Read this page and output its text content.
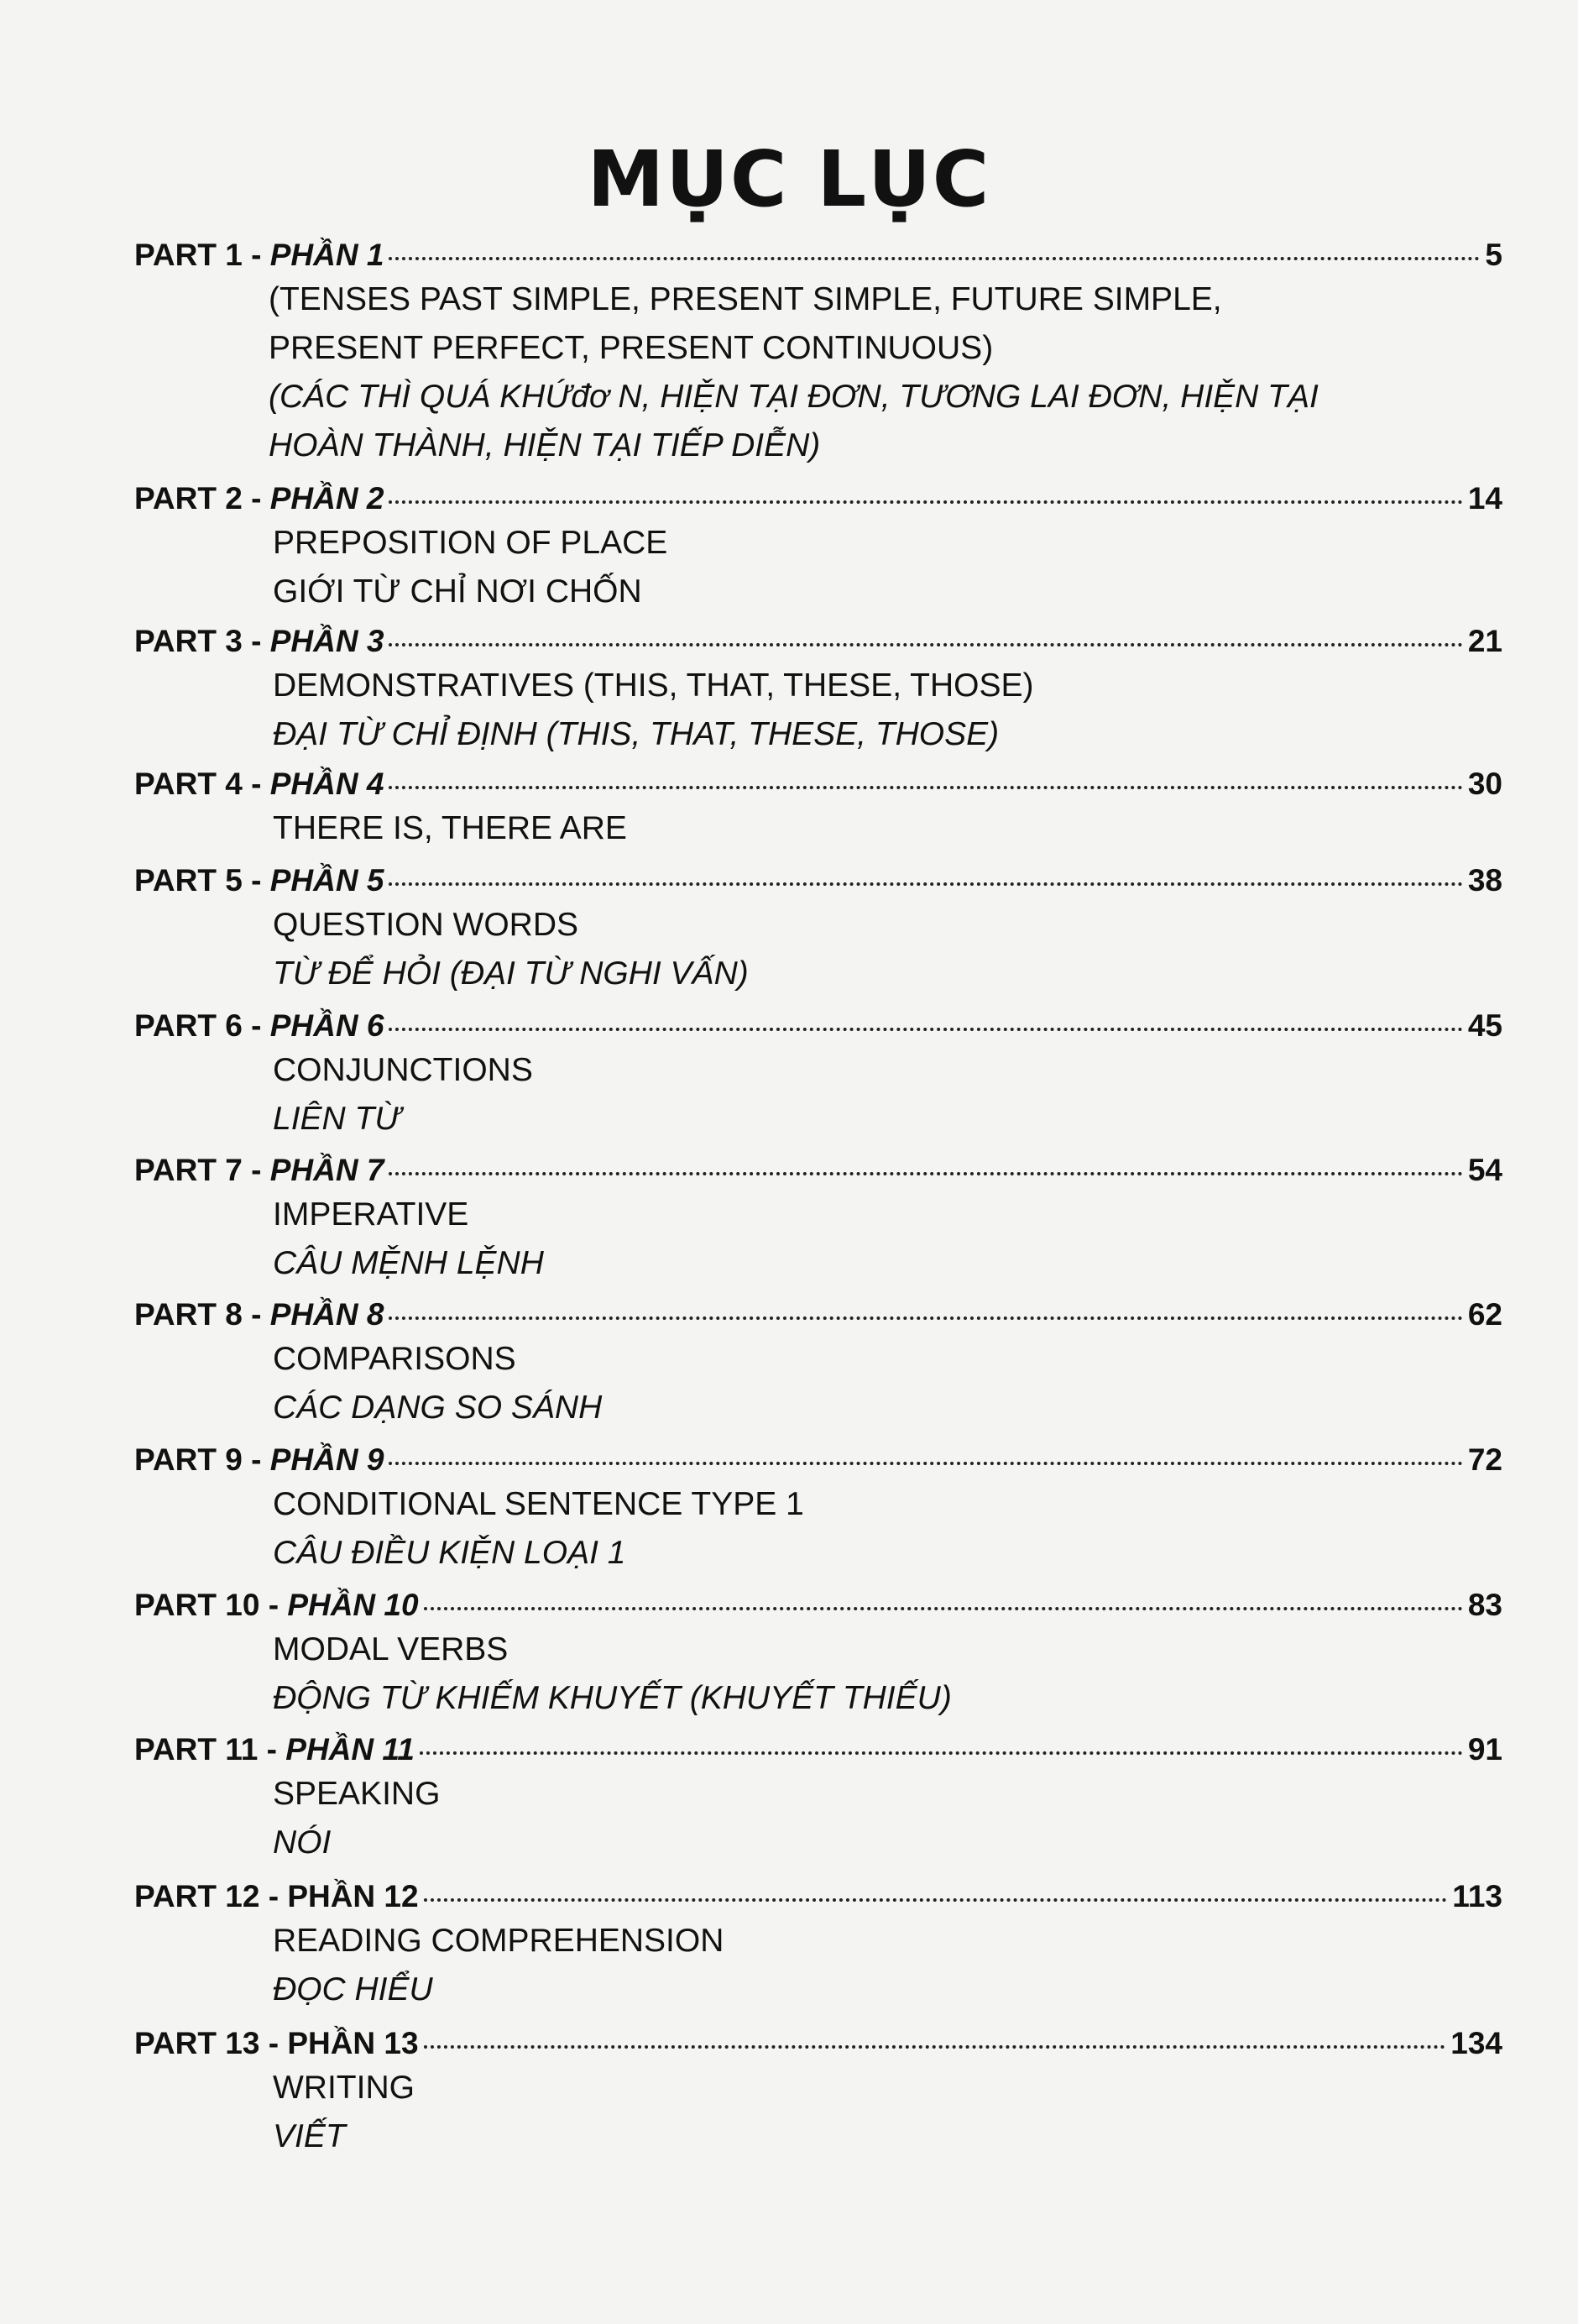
MỤC LỤC
PART 1 - PHẦN 1	5
(TENSES PAST SIMPLE, PRESENT SIMPLE, FUTURE SIMPLE,
PRESENT PERFECT, PRESENT CONTINUOUS)
(CÁC THÌ QUÁ KHỨđơ N, HIỆN TẠI ĐƠN, TƯƠNG LAI ĐƠN, HIỆN TẠI
HOÀN THÀNH, HIỆN TẠI TIẾP DIỄN)
PART 2 - PHẦN 2	14
PREPOSITION OF PLACE
GIỚI TỪ CHỈ NƠI CHỐN
PART 3 - PHẦN 3	21
DEMONSTRATIVES (THIS, THAT, THESE, THOSE)
ĐẠI TỪ CHỈ ĐỊNH (THIS, THAT, THESE, THOSE)
PART 4 - PHẦN 4	30
THERE IS, THERE ARE
PART 5 - PHẦN 5	38
QUESTION WORDS
TỪ ĐỂ HỎI (ĐẠI TỪ NGHI VẤN)
PART 6 - PHẦN 6	45
CONJUNCTIONS
LIÊN TỪ
PART 7 - PHẦN 7	54
IMPERATIVE
CÂU MỆNH LỆNH
PART 8 - PHẦN 8	62
COMPARISONS
CÁC DẠNG SO SÁNH
PART 9 - PHẦN 9	72
CONDITIONAL SENTENCE TYPE 1
CÂU ĐIỀU KIỆN LOẠI 1
PART 10 - PHẦN 10	83
MODAL VERBS
ĐỘNG TỪ KHIẾM KHUYẾT (KHUYẾT THIẾU)
PART 11 - PHẦN 11	91
SPEAKING
NÓI
PART 12 - PHẦN 12	113
READING COMPREHENSION
ĐỌC HIỂU
PART 13 - PHẦN 13	134
WRITING
VIẾT
